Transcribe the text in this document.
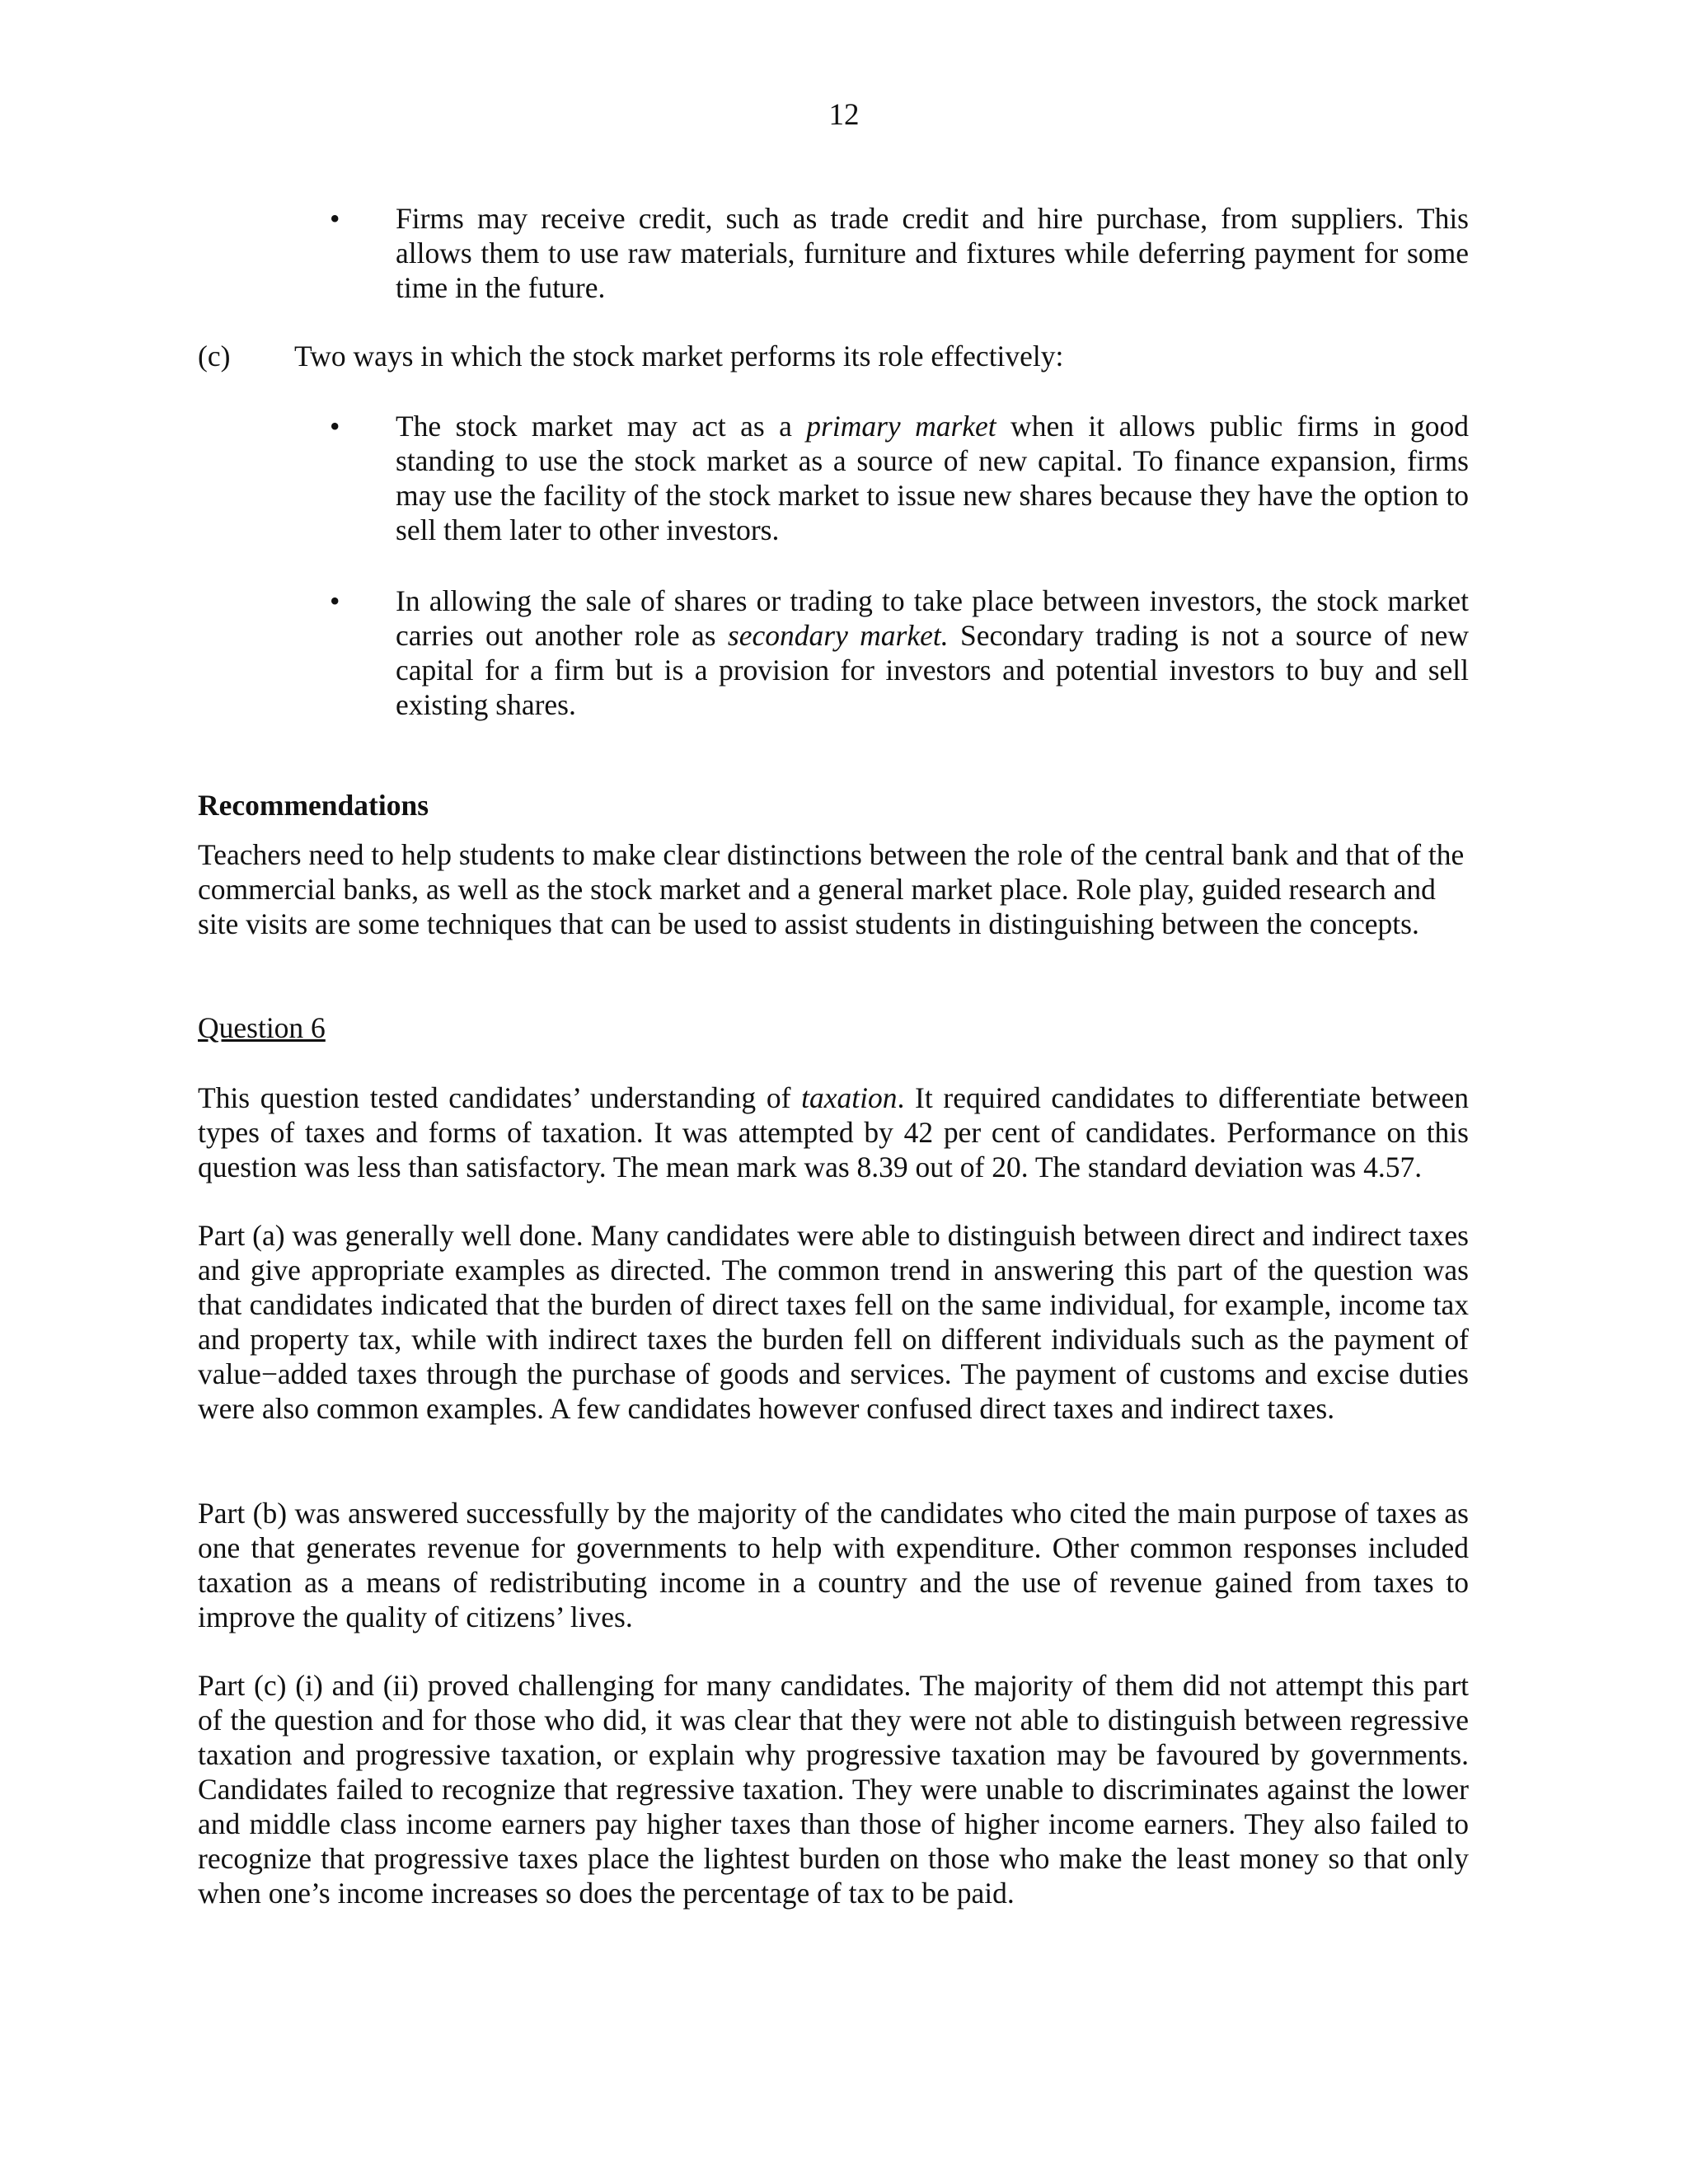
12
• Firms may receive credit, such as trade credit and hire purchase, from suppliers. This allows them to use raw materials, furniture and fixtures while deferring payment for some time in the future.

(c) Two ways in which the stock market performs its role effectively:

• The stock market may act as a primary market when it allows public firms in good standing to use the stock market as a source of new capital. To finance expansion, firms may use the facility of the stock market to issue new shares because they have the option to sell them later to other investors.

• In allowing the sale of shares or trading to take place between investors, the stock market carries out another role as secondary market. Secondary trading is not a source of new capital for a firm but is a provision for investors and potential investors to buy and sell existing shares.

Recommendations

Teachers need to help students to make clear distinctions between the role of the central bank and that of the commercial banks, as well as the stock market and a general market place. Role play, guided research and site visits are some techniques that can be used to assist students in distinguishing between the concepts.

Question 6

This question tested candidates’ understanding of taxation. It required candidates to differentiate between types of taxes and forms of taxation. It was attempted by 42 per cent of candidates. Performance on this question was less than satisfactory. The mean mark was 8.39 out of 20. The standard deviation was 4.57.

Part (a) was generally well done. Many candidates were able to distinguish between direct and indirect taxes and give appropriate examples as directed. The common trend in answering this part of the question was that candidates indicated that the burden of direct taxes fell on the same individual, for example, income tax and property tax, while with indirect taxes the burden fell on different individuals such as the payment of value−added taxes through the purchase of goods and services. The payment of customs and excise duties were also common examples. A few candidates however confused direct taxes and indirect taxes.

Part (b) was answered successfully by the majority of the candidates who cited the main purpose of taxes as one that generates revenue for governments to help with expenditure. Other common responses included taxation as a means of redistributing income in a country and the use of revenue gained from taxes to improve the quality of citizens’ lives.

Part (c) (i) and (ii) proved challenging for many candidates. The majority of them did not attempt this part of the question and for those who did, it was clear that they were not able to distinguish between regressive taxation and progressive taxation, or explain why progressive taxation may be favoured by governments. Candidates failed to recognize that regressive taxation. They were unable to discriminates against the lower and middle class income earners pay higher taxes than those of higher income earners. They also failed to recognize that progressive taxes place the lightest burden on those who make the least money so that only when one’s income increases so does the percentage of tax to be paid.
